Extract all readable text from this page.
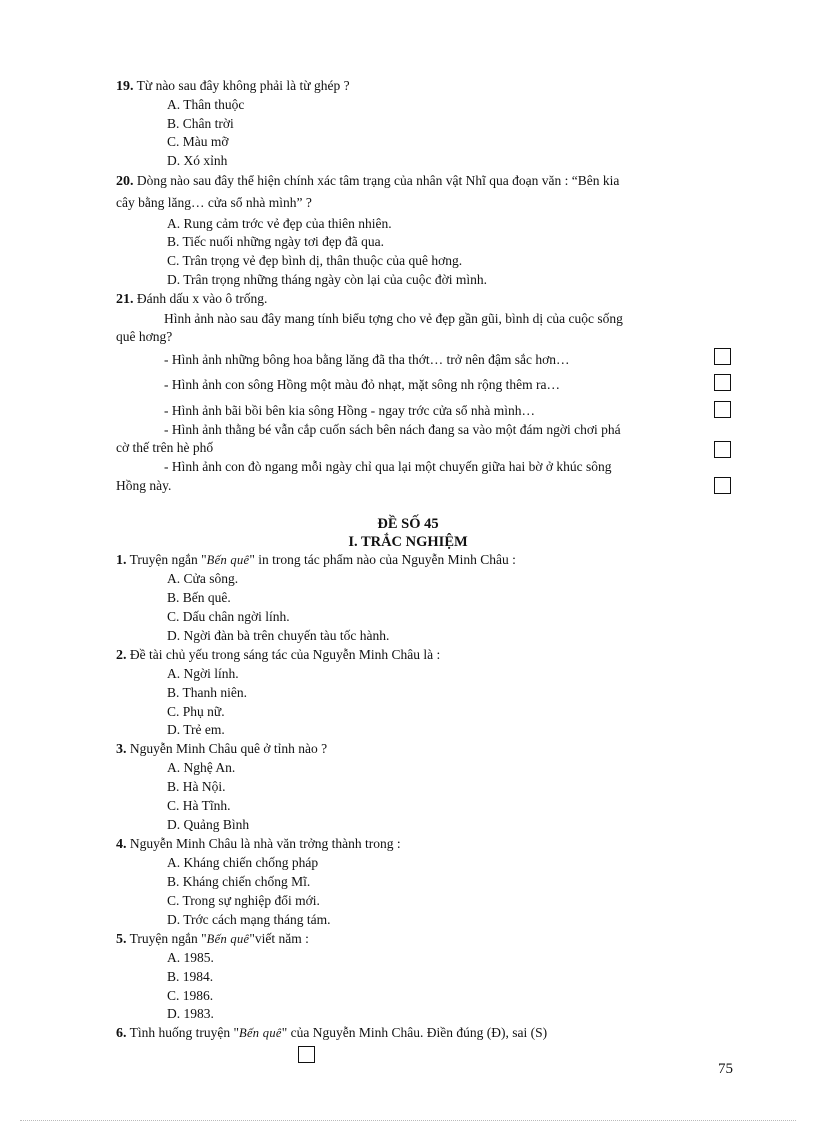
19. Từ nào sau đây không phải là từ ghép ?
A. Thân thuộc
B. Chân trời
C. Màu mỡ
D. Xó xỉnh
20. Dòng nào sau đây thể hiện chính xác tâm trạng của nhân vật Nhĩ qua đoạn văn : “Bên kia
cây bằng lăng… cửa sổ nhà mình” ?
A. Rung cảm trớc vẻ đẹp của thiên nhiên.
B. Tiếc nuối những ngày tơi đẹp đã qua.
C. Trân trọng vẻ đẹp bình dị, thân thuộc của quê hơng.
D. Trân trọng những tháng ngày còn lại của cuộc đời mình.
21. Đánh dấu x vào ô trống.
Hình ảnh nào sau đây mang tính biểu tợng cho vẻ đẹp gần gũi, bình dị của cuộc sống
quê hơng?
- Hình ảnh những bông hoa bằng lăng đã tha thớt… trở nên đậm sắc hơn…
- Hình ảnh con sông Hồng một màu đỏ nhạt, mặt sông nh rộng thêm ra…
- Hình ảnh bãi bồi bên kia sông Hồng - ngay trớc cửa sổ nhà mình…
- Hình ảnh thằng bé vẫn cắp cuốn sách bên nách đang sa vào một đám ngời chơi phá
cờ thế trên hè phố
- Hình ảnh con đò ngang mỗi ngày chỉ qua lại một chuyến giữa hai bờ ở khúc sông
Hồng này.
ĐỀ SỐ 45
I. TRẮC NGHIỆM
1. Truyện ngắn "Bến quê" in trong tác phẩm nào của Nguyễn Minh Châu :
A. Cửa sông.
B. Bến quê.
C. Dấu chân ngời lính.
D. Ngời đàn bà trên chuyến tàu tốc hành.
2. Đề tài chủ yếu trong sáng tác của Nguyễn Minh Châu là :
A. Ngời lính.
B. Thanh niên.
C. Phụ nữ.
D. Trẻ em.
3. Nguyễn Minh Châu quê ở tỉnh nào ?
A. Nghệ An.
B. Hà Nội.
C. Hà Tĩnh.
D. Quảng Bình
4. Nguyễn Minh Châu là nhà văn trởng thành trong :
A. Kháng chiến chống pháp
B. Kháng chiến chống Mĩ.
C. Trong sự nghiệp đổi mới.
D. Trớc cách mạng tháng tám.
5. Truyện ngắn "Bến quê"viết năm :
A. 1985.
B. 1984.
C. 1986.
D. 1983.
6. Tình huống truyện "Bến quê" của Nguyễn Minh Châu. Điền đúng (Đ), sai (S)
75
